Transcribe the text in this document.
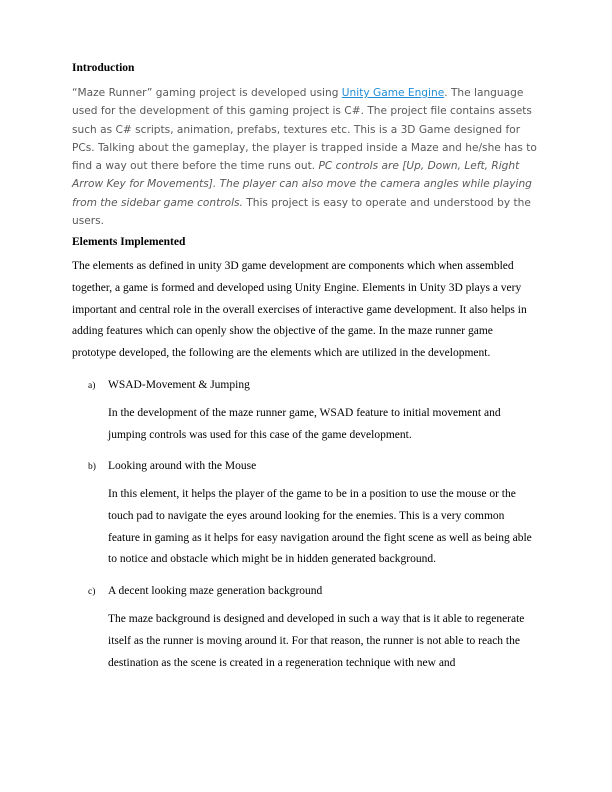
Introduction

“Maze Runner” gaming project is developed using Unity Game Engine. The language used for the development of this gaming project is C#. The project file contains assets such as C# scripts, animation, prefabs, textures etc. This is a 3D Game designed for PCs. Talking about the gameplay, the player is trapped inside a Maze and he/she has to find a way out there before the time runs out. PC controls are [Up, Down, Left, Right Arrow Key for Movements]. The player can also move the camera angles while playing from the sidebar game controls. This project is easy to operate and understood by the users.

Elements Implemented

The elements as defined in unity 3D game development are components which when assembled together, a game is formed and developed using Unity Engine. Elements in Unity 3D plays a very important and central role in the overall exercises of interactive game development. It also helps in adding features which can openly show the objective of the game. In the maze runner game prototype developed, the following are the elements which are utilized in the development.

a)	WSAD-Movement & Jumping

In the development of the maze runner game, WSAD feature to initial movement and jumping controls was used for this case of the game development.

b)	Looking around with the Mouse

In this element, it helps the player of the game to be in a position to use the mouse or the touch pad to navigate the eyes around looking for the enemies. This is a very common feature in gaming as it helps for easy navigation around the fight scene as well as being able to notice and obstacle which might be in hidden generated background.

c)	A decent looking maze generation background

The maze background is designed and developed in such a way that is it able to regenerate itself as the runner is moving around it. For that reason, the runner is not able to reach the destination as the scene is created in a regeneration technique with new and
